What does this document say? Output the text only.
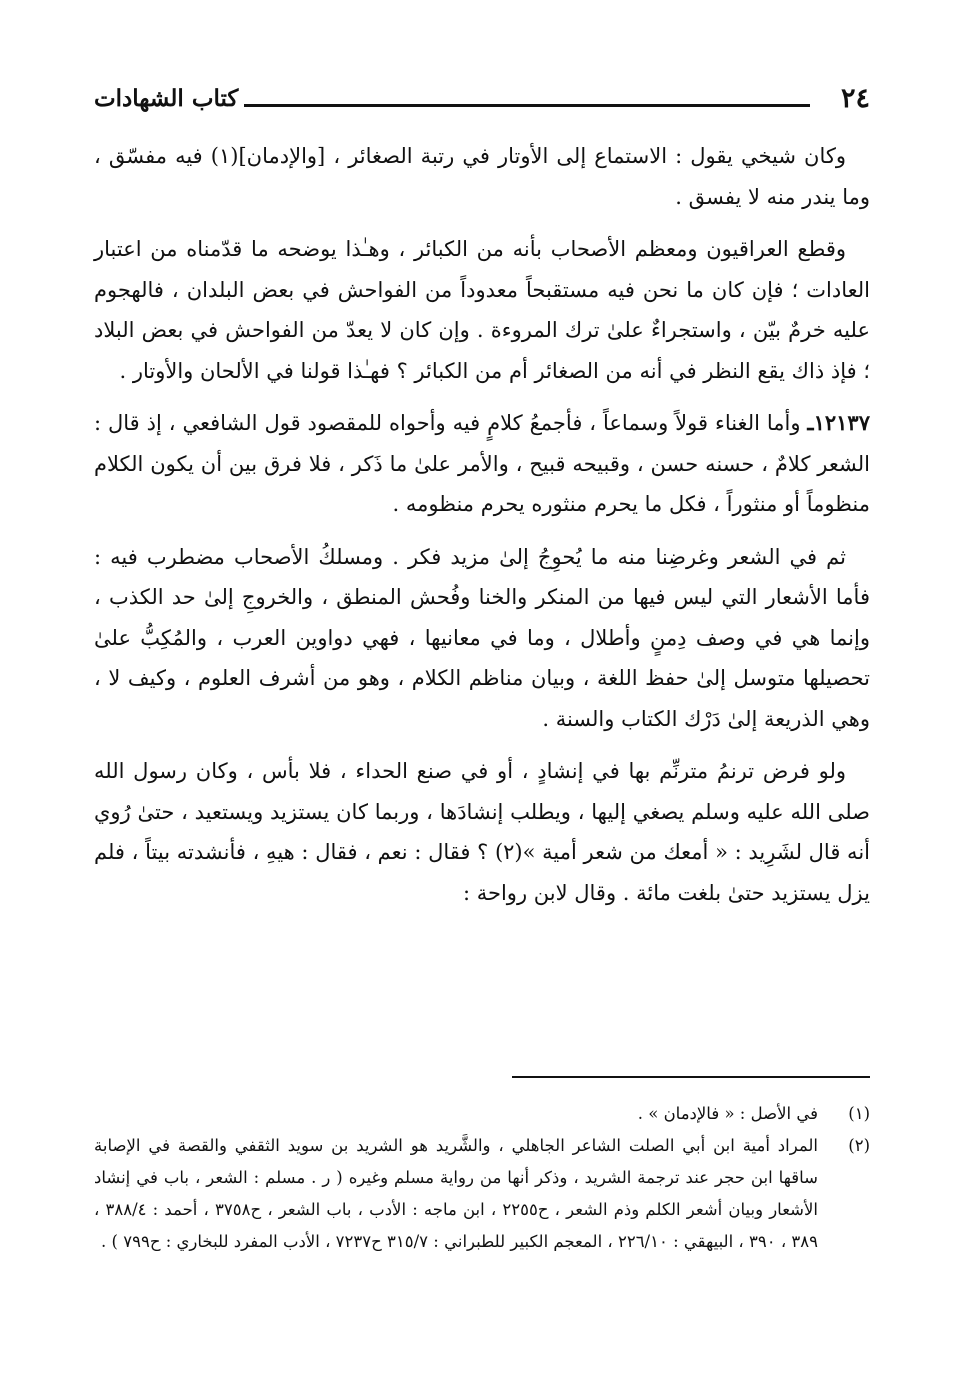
٢٤
كتاب الشهادات

وكان شيخي يقول : الاستماع إلى الأوتار في رتبة الصغائر ، [والإدمان](١) فيه مفسّق ، وما يندر منه لا يفسق .

وقطع العراقيون ومعظم الأصحاب بأنه من الكبائر ، وهـٰذا يوضحه ما قدّمناه من اعتبار العادات ؛ فإن كان ما نحن فيه مستقبحاً معدوداً من الفواحش في بعض البلدان ، فالهجوم عليه خرمٌ بيّن ، واستجراءٌ علىٰ ترك المروءة . وإن كان لا يعدّ من الفواحش في بعض البلاد ؛ فإذ ذاك يقع النظر في أنه من الصغائر أم من الكبائر ؟ فهـٰذا قولنا في الألحان والأوتار .

١٢١٣٧ـ وأما الغناء قولاً وسماعاً ، فأجمعُ كلامٍ فيه وأحواه للمقصود قول الشافعي ، إذ قال : الشعر كلامٌ ، حسنه حسن ، وقبيحه قبيح ، والأمر علىٰ ما ذَكر ، فلا فرق بين أن يكون الكلام منظوماً أو منثوراً ، فكل ما يحرم منثوره يحرم منظومه .

ثم في الشعر وغرضِنا منه ما يُحوِجُ إلىٰ مزيد فكر . ومسلكُ الأصحاب مضطرب فيه : فأما الأشعار التي ليس فيها من المنكر والخنا وفُحش المنطق ، والخروجِ إلىٰ حد الكذب ، وإنما هي في وصف دِمنٍ وأطلال ، وما في معانيها ، فهي دواوين العرب ، والمُكِبُّ علىٰ تحصيلها متوسل إلىٰ حفظ اللغة ، وبيان مناظم الكلام ، وهو من أشرف العلوم ، وكيف لا ، وهي الذريعة إلىٰ دَرْك الكتاب والسنة .

ولو فرض ترنمُ مترنِّم بها في إنشادٍ ، أو في صنع الحداء ، فلا بأس ، وكان رسول الله صلى الله عليه وسلم يصغي إليها ، ويطلب إنشادَها ، وربما كان يستزيد ويستعيد ، حتىٰ رُوي أنه قال لشَرِيد : « أمعك من شعر أمية »(٢) ؟ فقال : نعم ، فقال : هيهِ ، فأنشدته بيتاً ، فلم يزل يستزيد حتىٰ بلغت مائة . وقال لابن رواحة :

(١)
في الأصل : « فالإدمان » .

(٢)
المراد أمية ابن أبي الصلت الشاعر الجاهلي ، والشَّريد هو الشريد بن سويد الثقفي والقصة في الإصابة ساقها ابن حجر عند ترجمة الشريد ، وذكر أنها من رواية مسلم وغيره ( ر . مسلم : الشعر ، باب في إنشاد الأشعار وبيان أشعر الكلم وذم الشعر ، ح٢٢٥٥ ، ابن ماجه : الأدب ، باب الشعر ، ح٣٧٥٨ ، أحمد : ٣٨٨/٤ ، ٣٨٩ ، ٣٩٠ ، البيهقي : ٢٢٦/١٠ ، المعجم الكبير للطبراني : ٣١٥/٧ ح٧٢٣٧ ، الأدب المفرد للبخاري : ح٧٩٩ ) .
